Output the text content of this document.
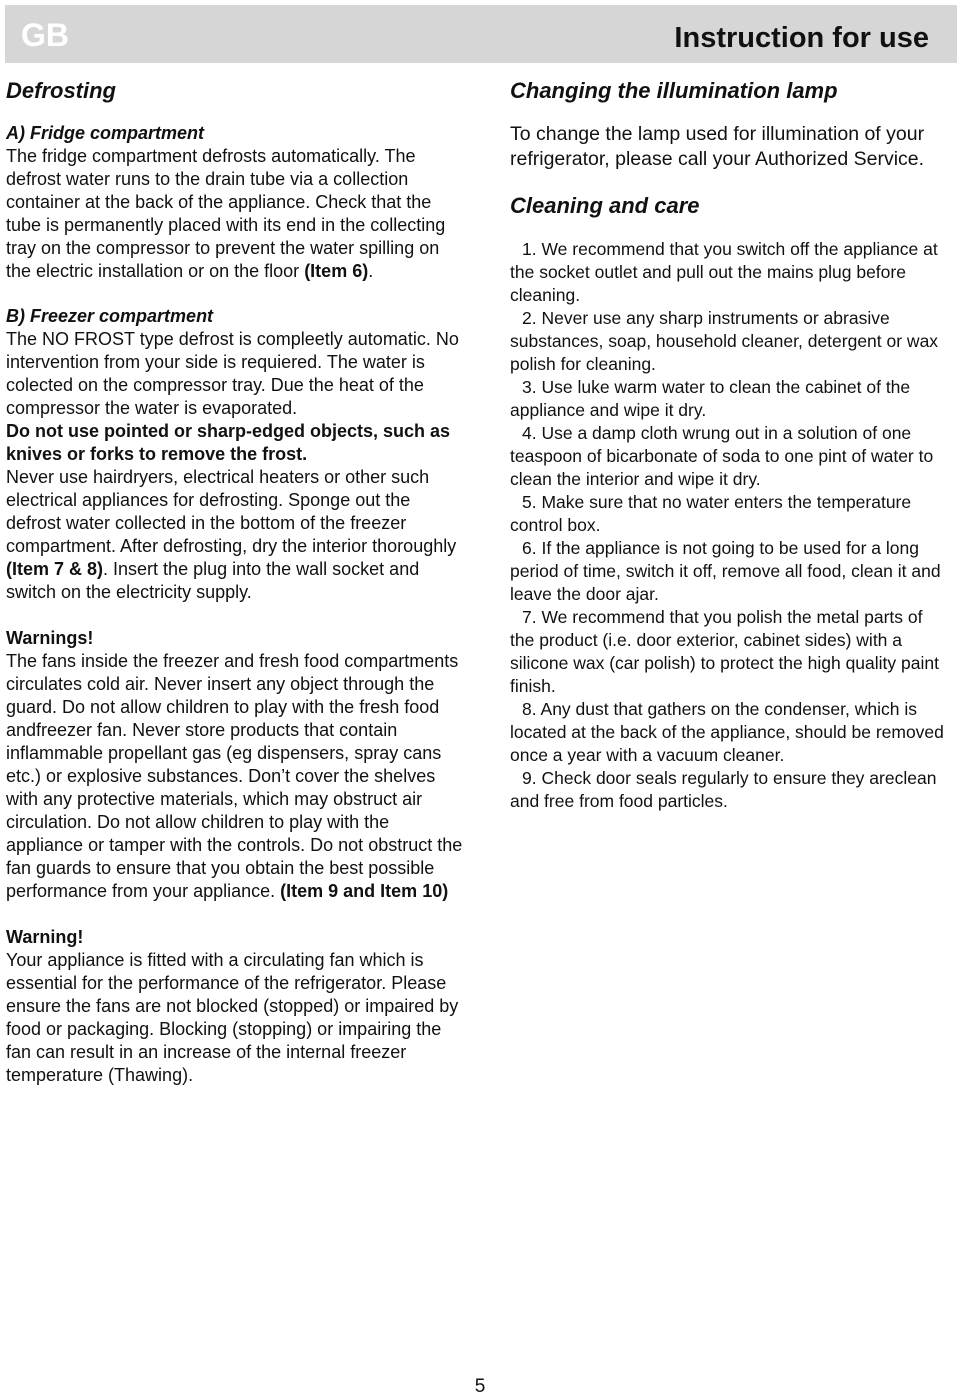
GB	Instruction for use
Defrosting
A) Fridge compartment

The fridge compartment defrosts automatically. The defrost water runs to the drain tube via a collection container at the back of the appliance. Check that the tube is permanently placed with its end in the collecting tray on the compressor to prevent the water spilling on the electric installation or on the floor (Item 6).

B) Freezer compartment

The NO FROST type defrost is compleetly automatic. No intervention from your side is requiered. The water is colected on the compressor tray. Due the heat of the compressor the water is evaporated.

Do not use pointed or sharp-edged objects, such as knives or forks to remove the frost.

Never use hairdryers, electrical heaters or other such electrical appliances for defrosting. Sponge out the defrost water collected in the bottom of the freezer compartment. After defrosting, dry the interior thoroughly (Item 7 & 8). Insert the plug into the wall socket and switch on the electricity supply.

Warnings!

The fans inside the freezer and fresh food compartments circulates cold air. Never insert any object through the guard. Do not allow children to play with the fresh food andfreezer fan. Never store products that contain inflammable propellant gas (eg dispensers, spray cans etc.) or explosive substances. Don’t cover the shelves with any protective materials, which may obstruct air circulation. Do not allow children to play with the appliance or tamper with the controls. Do not obstruct the fan guards to ensure that you obtain the best possible performance from your appliance. (Item 9 and Item 10)

Warning!

Your appliance is fitted with a circulating fan which is essential for the performance of the refrigerator. Please ensure the fans are not blocked (stopped) or impaired by food or packaging. Blocking (stopping) or impairing the fan can result in an increase of the internal freezer temperature (Thawing).

Changing the illumination lamp

To change the lamp used for illumination of your refrigerator, please call your Authorized Service.

Cleaning and care
1. We recommend that you switch off the appliance at the socket outlet and pull out the mains plug before cleaning.
2. Never use any sharp instruments or abrasive substances, soap, household cleaner, detergent or wax polish for cleaning.
3. Use luke warm water to clean the cabinet of the appliance and wipe it dry.
4. Use a damp cloth wrung out in a solution of one teaspoon of bicarbonate of soda to one pint of water to clean the interior and wipe it dry.
5. Make sure that no water enters the temperature control box.
6. If the appliance is not going to be used for a long period of time, switch it off, remove all food, clean it and leave the door ajar.
7. We recommend that you polish the metal parts of the product (i.e. door exterior, cabinet sides) with a silicone wax (car polish) to protect the high quality paint finish.
8. Any dust that gathers on the condenser, which is located at the back of the appliance, should be removed once a year with a vacuum cleaner.
9. Check door seals regularly to ensure they areclean and free from food particles.
5
